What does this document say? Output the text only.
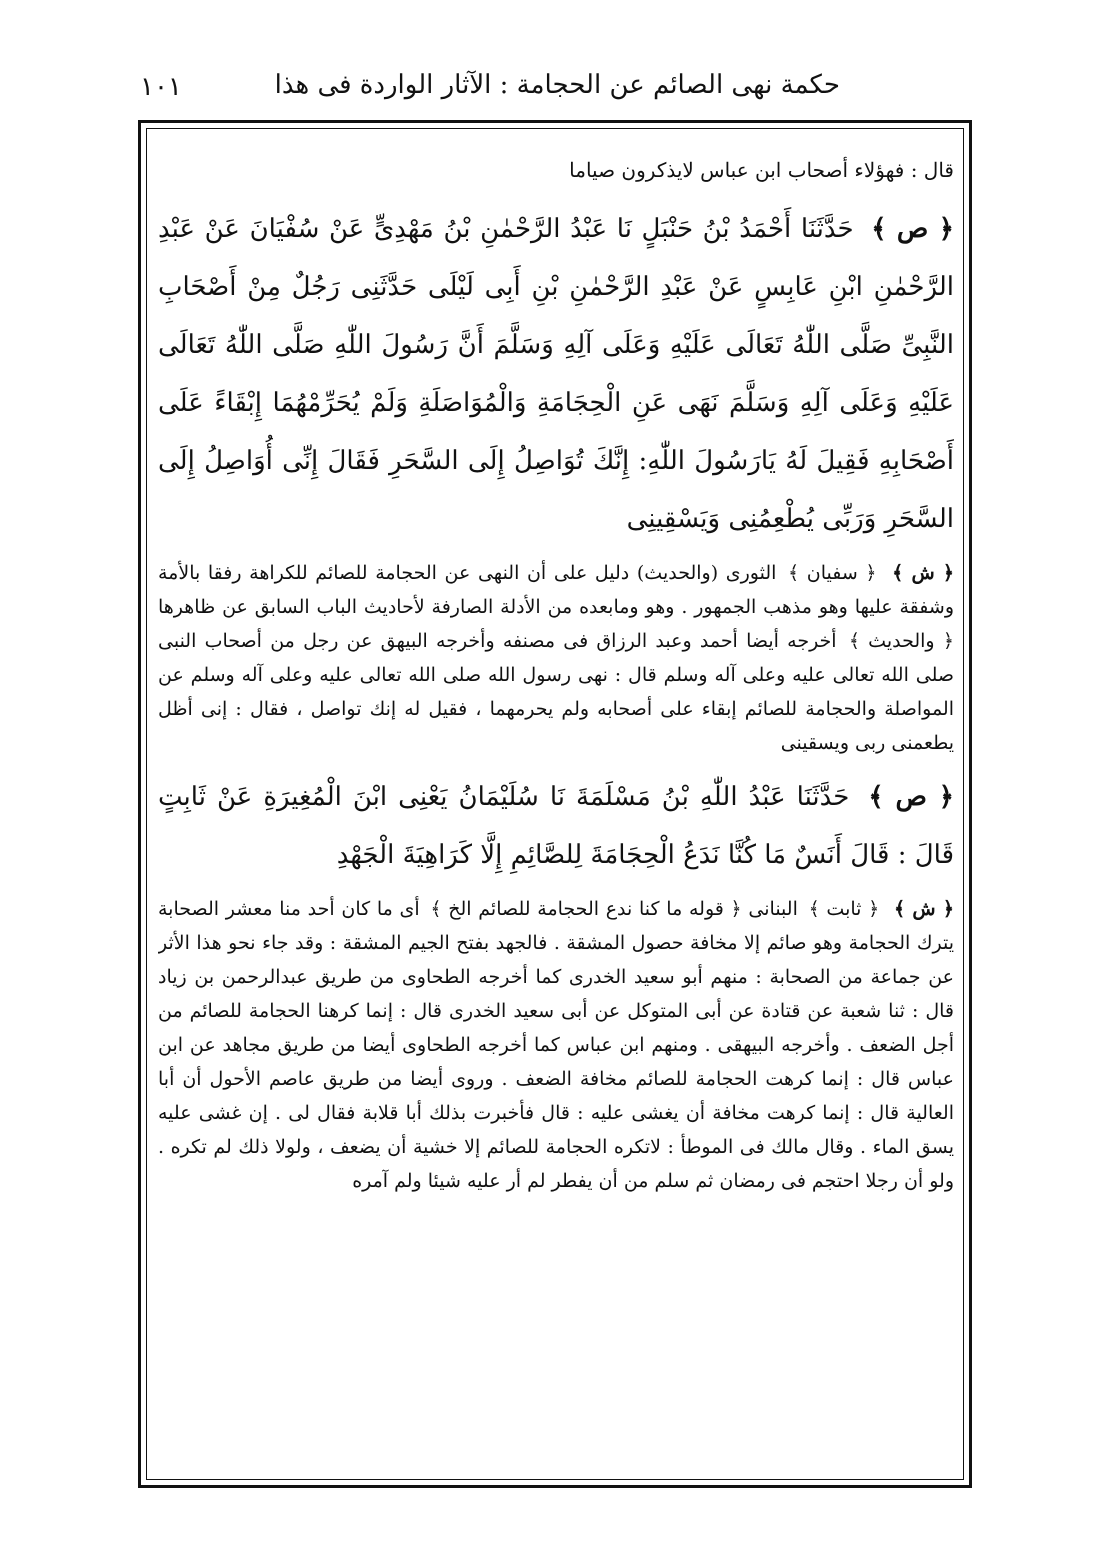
حكمة نهى الصائم عن الحجامة : الآثار الواردة فى هذا
١٠١

قال : فهؤلاء أصحاب ابن عباس لايذكرون صياما

﴿ ص ﴾ حَدَّثَنَا أَحْمَدُ بْنُ حَنْبَلٍ نَا عَبْدُ الرَّحْمٰنِ بْنُ مَهْدِىٍّ عَنْ سُفْيَانَ عَنْ عَبْدِ الرَّحْمٰنِ ابْنِ عَابِسٍ عَنْ عَبْدِ الرَّحْمٰنِ بْنِ أَبِى لَيْلَى حَدَّثَنِى رَجُلٌ مِنْ أَصْحَابِ النَّبِىِّ صَلَّى اللّٰهُ تَعَالَى عَلَيْهِ وَعَلَى آلِهِ وَسَلَّمَ أَنَّ رَسُولَ اللّٰهِ صَلَّى اللّٰهُ تَعَالَى عَلَيْهِ وَعَلَى آلِهِ وَسَلَّمَ نَهَى عَنِ الْحِجَامَةِ وَالْمُوَاصَلَةِ وَلَمْ يُحَرِّمْهُمَا إِبْقَاءً عَلَى أَصْحَابِهِ فَقِيلَ لَهُ يَارَسُولَ اللّٰهِ: إِنَّكَ تُوَاصِلُ إِلَى السَّحَرِ فَقَالَ إِنِّى أُوَاصِلُ إِلَى السَّحَرِ وَرَبِّى يُطْعِمُنِى وَيَسْقِينِى

﴿ ش ﴾ ﴿ سفيان ﴾ الثورى (والحديث) دليل على أن النهى عن الحجامة للصائم للكراهة رفقا بالأمة وشفقة عليها وهو مذهب الجمهور . وهو ومابعده من الأدلة الصارفة لأحاديث الباب السابق عن ظاهرها ﴿ والحديث ﴾ أخرجه أيضا أحمد وعبد الرزاق فى مصنفه وأخرجه البيهق عن رجل من أصحاب النبى صلى الله تعالى عليه وعلى آله وسلم قال : نهى رسول الله صلى الله تعالى عليه وعلى آله وسلم عن المواصلة والحجامة للصائم إبقاء على أصحابه ولم يحرمهما ، فقيل له إنك تواصل ، فقال : إنى أظل يطعمنى ربى ويسقينى

﴿ ص ﴾ حَدَّثَنَا عَبْدُ اللّٰهِ بْنُ مَسْلَمَةَ نَا سُلَيْمَانُ يَعْنِى ابْنَ الْمُغِيرَةِ عَنْ ثَابِتٍ قَالَ : قَالَ أَنَسٌ مَا كُنَّا نَدَعُ الْحِجَامَةَ لِلصَّائِمِ إِلَّا كَرَاهِيَةَ الْجَهْدِ

﴿ ش ﴾ ﴿ ثابت ﴾ البنانى ﴿ قوله ما كنا ندع الحجامة للصائم الخ ﴾ أى ما كان أحد منا معشر الصحابة يترك الحجامة وهو صائم إلا مخافة حصول المشقة . فالجهد بفتح الجيم المشقة : وقد جاء نحو هذا الأثر عن جماعة من الصحابة : منهم أبو سعيد الخدرى كما أخرجه الطحاوى من طريق عبدالرحمن بن زياد قال : ثنا شعبة عن قتادة عن أبى المتوكل عن أبى سعيد الخدرى قال : إنما كرهنا الحجامة للصائم من أجل الضعف . وأخرجه البيهقى . ومنهم ابن عباس كما أخرجه الطحاوى أيضا من طريق مجاهد عن ابن عباس قال : إنما كرهت الحجامة للصائم مخافة الضعف . وروى أيضا من طريق عاصم الأحول أن أبا العالية قال : إنما كرهت مخافة أن يغشى عليه : قال فأخبرت بذلك أبا قلابة فقال لى . إن غشى عليه يسق الماء . وقال مالك فى الموطأ : لاتكره الحجامة للصائم إلا خشية أن يضعف ، ولولا ذلك لم تكره . ولو أن رجلا احتجم فى رمضان ثم سلم من أن يفطر لم أر عليه شيئا ولم آمره
